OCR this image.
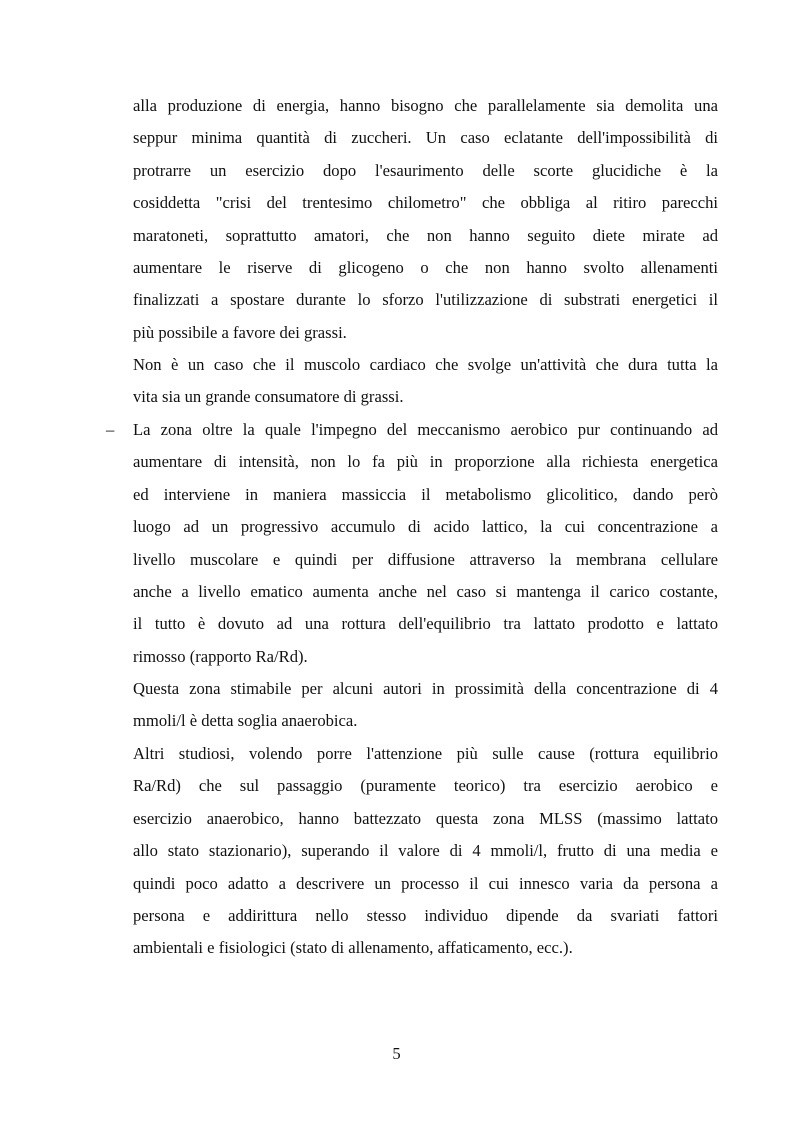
alla produzione di energia, hanno bisogno che parallelamente sia demolita una
seppur minima quantità di zuccheri. Un caso eclatante dell'impossibilità di
protrarre un esercizio dopo l'esaurimento delle scorte glucidiche è la
cosiddetta "crisi del trentesimo chilometro" che obbliga al ritiro parecchi
maratoneti, soprattutto amatori, che non hanno seguito diete mirate ad
aumentare le riserve di glicogeno o che non hanno svolto allenamenti
finalizzati a spostare durante lo sforzo l'utilizzazione di substrati energetici il
più possibile a favore dei grassi.
Non è un caso che il muscolo cardiaco che svolge un'attività che dura tutta la
vita sia un grande consumatore di grassi.
– La zona oltre la quale l'impegno del meccanismo aerobico pur continuando ad
aumentare di intensità, non lo fa più in proporzione alla richiesta energetica
ed interviene in maniera massiccia il metabolismo glicolitico, dando però
luogo ad un progressivo accumulo di acido lattico, la cui concentrazione a
livello muscolare e quindi per diffusione attraverso la membrana cellulare
anche a livello ematico aumenta anche nel caso si mantenga il carico costante,
il tutto è dovuto ad una rottura dell'equilibrio tra lattato prodotto e lattato
rimosso (rapporto Ra/Rd).
Questa zona stimabile per alcuni autori in prossimità della concentrazione di 4
mmoli/l è detta soglia anaerobica.
Altri studiosi, volendo porre l'attenzione più sulle cause (rottura equilibrio
Ra/Rd) che sul passaggio (puramente teorico) tra esercizio aerobico e
esercizio anaerobico, hanno battezzato questa zona MLSS (massimo lattato
allo stato stazionario), superando il valore di 4 mmoli/l, frutto di una media e
quindi poco adatto a descrivere un processo il cui innesco varia da persona a
persona e addirittura nello stesso individuo dipende da svariati fattori
ambientali e fisiologici (stato di allenamento, affaticamento, ecc.).
5
